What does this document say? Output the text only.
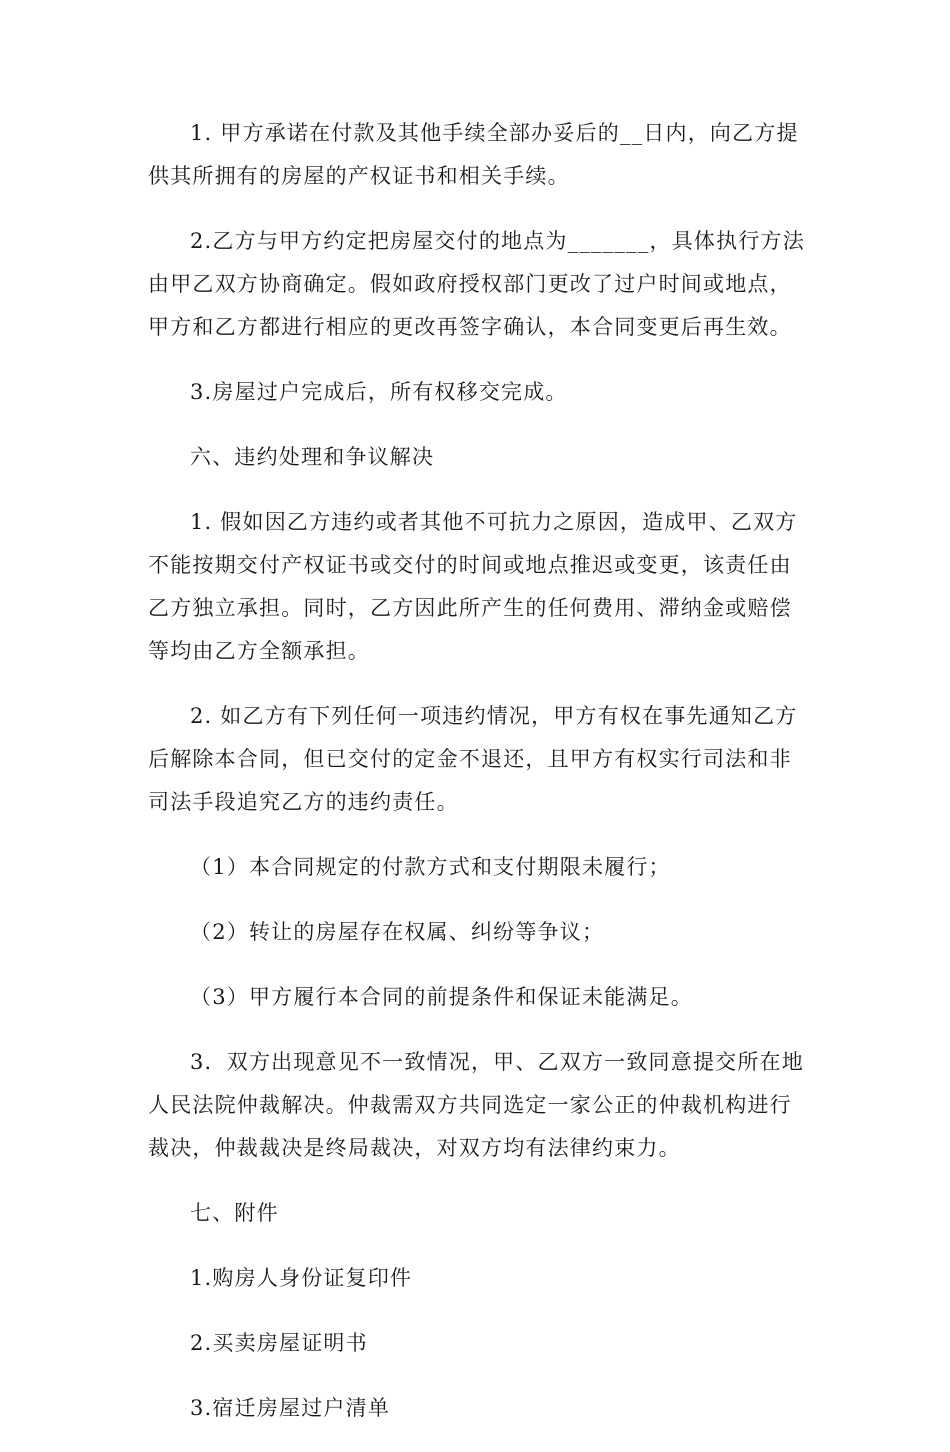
1. 甲方承诺在付款及其他手续全部办妥后的__日内，向乙方提供其所拥有的房屋的产权证书和相关手续。

2.乙方与甲方约定把房屋交付的地点为_______，具体执行方法由甲乙双方协商确定。假如政府授权部门更改了过户时间或地点，甲方和乙方都进行相应的更改再签字确认，本合同变更后再生效。

3.房屋过户完成后，所有权移交完成。

六、违约处理和争议解决

1. 假如因乙方违约或者其他不可抗力之原因，造成甲、乙双方不能按期交付产权证书或交付的时间或地点推迟或变更，该责任由乙方独立承担。同时，乙方因此所产生的任何费用、滞纳金或赔偿等均由乙方全额承担。

2. 如乙方有下列任何一项违约情况，甲方有权在事先通知乙方后解除本合同，但已交付的定金不退还，且甲方有权实行司法和非司法手段追究乙方的违约责任。

（1）本合同规定的付款方式和支付期限未履行；

（2）转让的房屋存在权属、纠纷等争议；

（3）甲方履行本合同的前提条件和保证未能满足。

3．双方出现意见不一致情况，甲、乙双方一致同意提交所在地人民法院仲裁解决。仲裁需双方共同选定一家公正的仲裁机构进行裁决，仲裁裁决是终局裁决，对双方均有法律约束力。

七、附件

1.购房人身份证复印件

2.买卖房屋证明书

3.宿迁房屋过户清单
